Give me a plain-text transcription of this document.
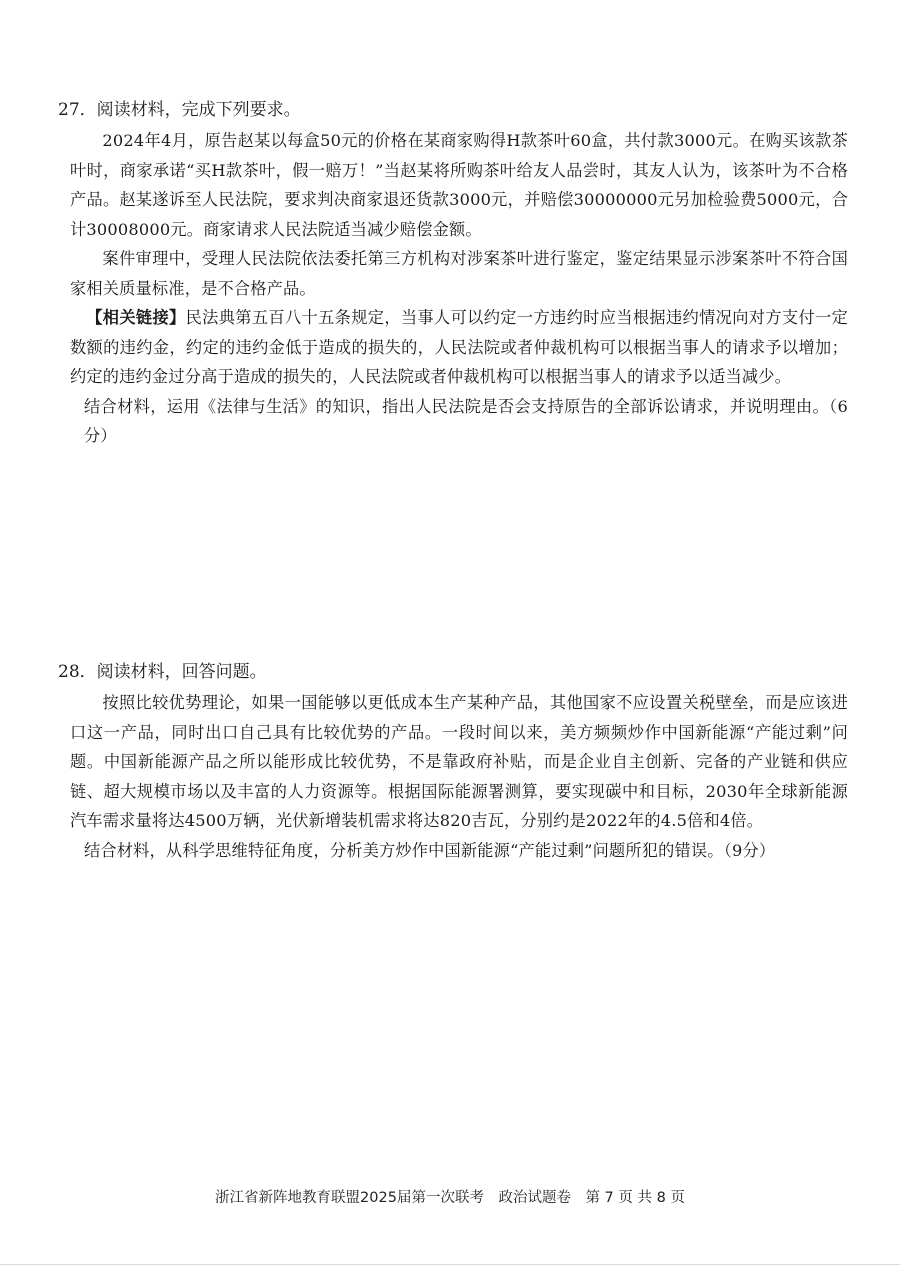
27．阅读材料，完成下列要求。

2024年4月，原告赵某以每盒50元的价格在某商家购得H款茶叶60盒，共付款3000元。在购买该款茶叶时，商家承诺“买H款茶叶，假一赔万！”当赵某将所购茶叶给友人品尝时，其友人认为，该茶叶为不合格产品。赵某遂诉至人民法院，要求判决商家退还货款3000元，并赔偿30000000元另加检验费5000元，合计30008000元。商家请求人民法院适当减少赔偿金额。

案件审理中，受理人民法院依法委托第三方机构对涉案茶叶进行鉴定，鉴定结果显示涉案茶叶不符合国家相关质量标准，是不合格产品。

【相关链接】民法典第五百八十五条规定，当事人可以约定一方违约时应当根据违约情况向对方支付一定数额的违约金，约定的违约金低于造成的损失的，人民法院或者仲裁机构可以根据当事人的请求予以增加；约定的违约金过分高于造成的损失的，人民法院或者仲裁机构可以根据当事人的请求予以适当减少。

结合材料，运用《法律与生活》的知识，指出人民法院是否会支持原告的全部诉讼请求，并说明理由。（6分）

28．阅读材料，回答问题。

按照比较优势理论，如果一国能够以更低成本生产某种产品，其他国家不应设置关税壁垒，而是应该进口这一产品，同时出口自己具有比较优势的产品。一段时间以来，美方频频炒作中国新能源“产能过剩”问题。中国新能源产品之所以能形成比较优势，不是靠政府补贴，而是企业自主创新、完备的产业链和供应链、超大规模市场以及丰富的人力资源等。根据国际能源署测算，要实现碳中和目标，2030年全球新能源汽车需求量将达4500万辆，光伏新增装机需求将达820吉瓦，分别约是2022年的4.5倍和4倍。

结合材料，从科学思维特征角度，分析美方炒作中国新能源“产能过剩”问题所犯的错误。（9分）

浙江省新阵地教育联盟2025届第一次联考　政治试题卷　第 7 页 共 8 页
